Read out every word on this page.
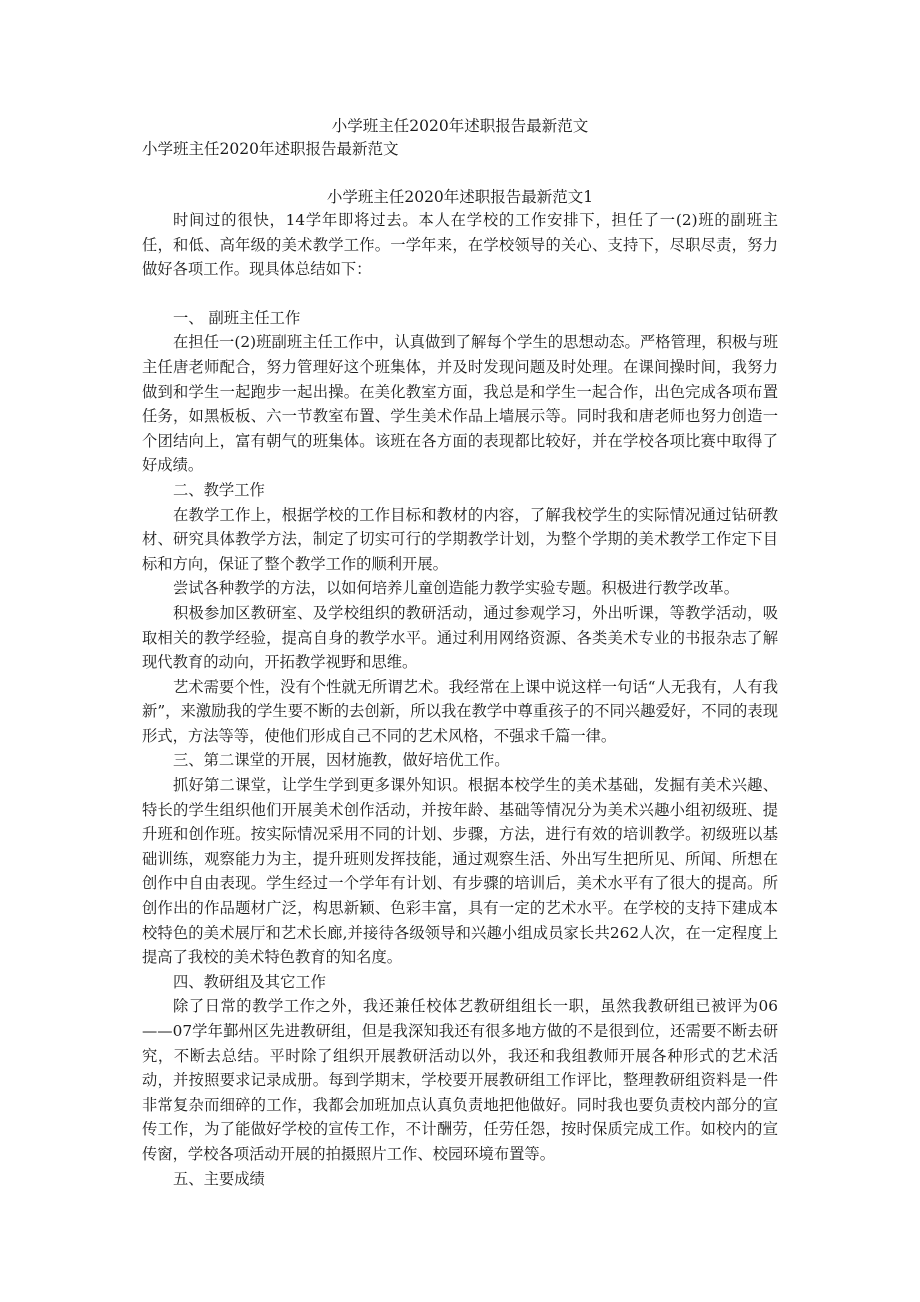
小学班主任2020年述职报告最新范文
小学班主任2020年述职报告最新范文
小学班主任2020年述职报告最新范文1

时间过的很快，14学年即将过去。本人在学校的工作安排下，担任了一(2)班的副班主任，和低、高年级的美术教学工作。一学年来，在学校领导的关心、支持下，尽职尽责，努力做好各项工作。现具体总结如下：

一、 副班主任工作

在担任一(2)班副班主任工作中，认真做到了解每个学生的思想动态。严格管理，积极与班主任唐老师配合，努力管理好这个班集体，并及时发现问题及时处理。在课间操时间，我努力做到和学生一起跑步一起出操。在美化教室方面，我总是和学生一起合作，出色完成各项布置任务，如黑板板、六一节教室布置、学生美术作品上墙展示等。同时我和唐老师也努力创造一个团结向上，富有朝气的班集体。该班在各方面的表现都比较好，并在学校各项比赛中取得了好成绩。

二、教学工作

在教学工作上，根据学校的工作目标和教材的内容，了解我校学生的实际情况通过钻研教材、研究具体教学方法，制定了切实可行的学期教学计划，为整个学期的美术教学工作定下目标和方向，保证了整个教学工作的顺利开展。

尝试各种教学的方法，以如何培养儿童创造能力教学实验专题。积极进行教学改革。

积极参加区教研室、及学校组织的教研活动，通过参观学习，外出听课，等教学活动，吸取相关的教学经验，提高自身的教学水平。通过利用网络资源、各类美术专业的书报杂志了解现代教育的动向，开拓教学视野和思维。

艺术需要个性，没有个性就无所谓艺术。我经常在上课中说这样一句话“人无我有，人有我新”，来激励我的学生要不断的去创新，所以我在教学中尊重孩子的不同兴趣爱好，不同的表现形式，方法等等，使他们形成自己不同的艺术风格，不强求千篇一律。

三、第二课堂的开展，因材施教，做好培优工作。

抓好第二课堂，让学生学到更多课外知识。根据本校学生的美术基础，发掘有美术兴趣、特长的学生组织他们开展美术创作活动，并按年龄、基础等情况分为美术兴趣小组初级班、提升班和创作班。按实际情况采用不同的计划、步骤，方法，进行有效的培训教学。初级班以基础训练，观察能力为主，提升班则发挥技能，通过观察生活、外出写生把所见、所闻、所想在创作中自由表现。学生经过一个学年有计划、有步骤的培训后，美术水平有了很大的提高。所创作出的作品题材广泛，构思新颖、色彩丰富，具有一定的艺术水平。在学校的支持下建成本校特色的美术展厅和艺术长廊,并接待各级领导和兴趣小组成员家长共262人次，在一定程度上提高了我校的美术特色教育的知名度。

四、教研组及其它工作

除了日常的教学工作之外，我还兼任校体艺教研组组长一职，虽然我教研组已被评为06——07学年鄞州区先进教研组，但是我深知我还有很多地方做的不是很到位，还需要不断去研究，不断去总结。平时除了组织开展教研活动以外，我还和我组教师开展各种形式的艺术活动，并按照要求记录成册。每到学期末，学校要开展教研组工作评比，整理教研组资料是一件非常复杂而细碎的工作，我都会加班加点认真负责地把他做好。同时我也要负责校内部分的宣传工作，为了能做好学校的宣传工作，不计酬劳，任劳任怨，按时保质完成工作。如校内的宣传窗，学校各项活动开展的拍摄照片工作、校园环境布置等。

五、主要成绩
